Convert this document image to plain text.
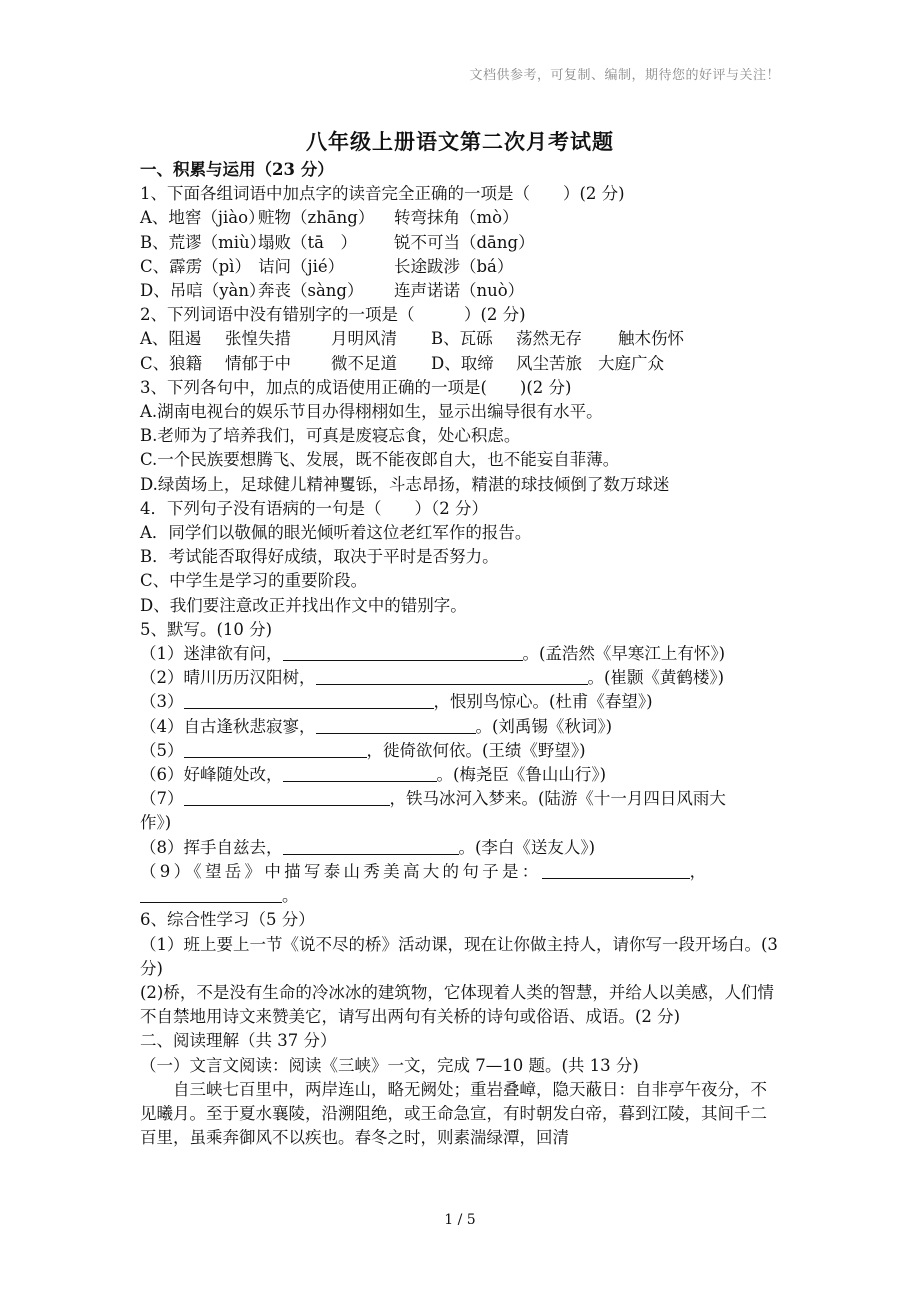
文档供参考，可复制、编制，期待您的好评与关注！
八年级上册语文第二次月考试题
一、积累与运用（23 分）
1、下面各组词语中加点字的读音完全正确的一项是（　　）(2 分)
A、地窖（jiào）赃物（zhāng） 转弯抹角（mò）
B、荒谬（miù）塌败（tā　） 锐不可当（dāng）
C、霹雳（pì） 诘问（jié）	长途跋涉（bá）
D、吊唁（yàn）奔丧（sàng） 连声诺诺（nuò）
2、下列词语中没有错别字的一项是（　　　）(2 分)
A、阻遏 张惶失措 月明风清 B、瓦砾 荡然无存 触木伤怀
C、狼籍 情郁于中 微不足道 D、取缔 风尘苦旅 大庭广众
3、下列各句中，加点的成语使用正确的一项是(　　)(2 分)
A.湖南电视台的娱乐节目办得栩栩如生，显示出编导很有水平。
B.老师为了培养我们，可真是废寝忘食，处心积虑。
C.一个民族要想腾飞、发展，既不能夜郎自大，也不能妄自菲薄。
D.绿茵场上，足球健儿精神矍铄，斗志昂扬，精湛的球技倾倒了数万球迷
4．下列句子没有语病的一句是（　　）（2 分）
A．同学们以敬佩的眼光倾听着这位老红军作的报告。
B．考试能否取得好成绩，取决于平时是否努力。
C、中学生是学习的重要阶段。
D、我们要注意改正并找出作文中的错别字。
5、默写。(10 分)
（1）迷津欲有问，	。(孟浩然《早寒江上有怀》)
（2）晴川历历汉阳树，	。(崔颢《黄鹤楼》)
（3）	，恨别鸟惊心。(杜甫《春望》)
（4）自古逢秋悲寂寥，	。(刘禹锡《秋词》)
（5）	，徙倚欲何依。(王绩《野望》)
（6）好峰随处改，	。(梅尧臣《鲁山山行》)
（7）	，铁马冰河入梦来。(陆游《十一月四日风雨大
作》)
（8）挥手自兹去，	。(李白《送友人》)
（9）《望岳》中描写泰山秀美高大的句子是：	，
。
6、综合性学习（5 分）
（1）班上要上一节《说不尽的桥》活动课，现在让你做主持人，请你写一段开场白。(3 分)
(2)桥，不是没有生命的冷冰冰的建筑物，它体现着人类的智慧，并给人以美感，人们情不自禁地用诗文来赞美它，请写出两句有关桥的诗句或俗语、成语。(2 分)
二、阅读理解（共 37 分）
（一）文言文阅读：阅读《三峡》一文，完成 7—10 题。(共 13 分)
自三峡七百里中，两岸连山，略无阙处；重岩叠嶂，隐天蔽日：自非亭午夜分，不见曦月。至于夏水襄陵，沿溯阻绝，或王命急宣，有时朝发白帝，暮到江陵，其间千二百里，虽乘奔御风不以疾也。春冬之时，则素湍绿潭，回清
1 / 5
